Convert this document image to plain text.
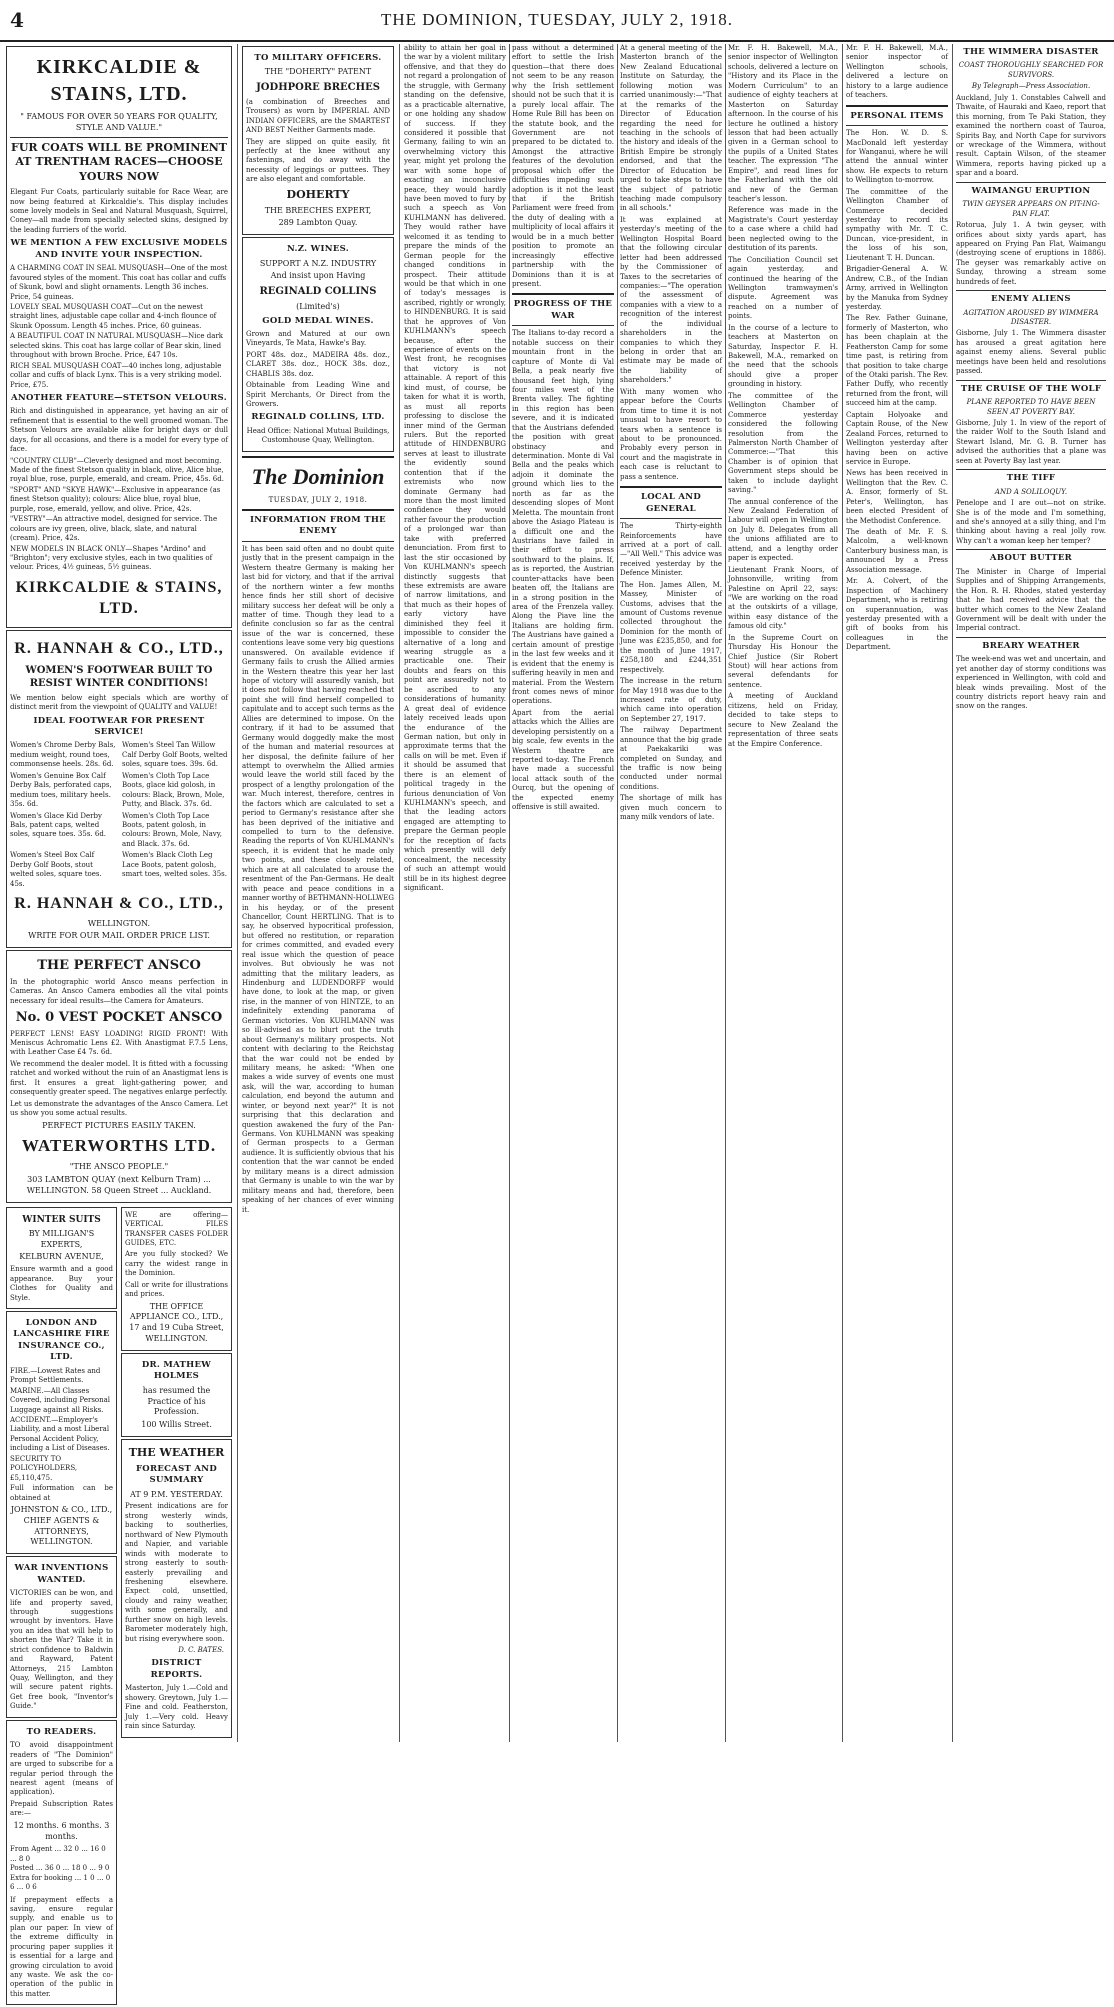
4	THE DOMINION, TUESDAY, JULY 2, 1918.
KIRKCALDIE & STAINS, LTD.
" FAMOUS FOR OVER 50 YEARS FOR QUALITY, STYLE AND VALUE."
FUR COATS WILL BE PROMINENT AT TRENTHAM RACES—CHOOSE YOURS NOW
Elegant Fur Coats, particularly suitable for Race Wear, are now being featured at Kirkcaldie's. This display includes some lovely models in Seal and Natural Musquash, Squirrel, Coney—all made from specially selected skins, designed by the leading furriers of the world.
WE MENTION A FEW EXCLUSIVE MODELS AND INVITE YOUR INSPECTION.
A CHARMING COAT IN SEAL MUSQUASH—One of the most favoured styles of the moment. This coat has collar and cuffs of Skunk, bowl and slight ornaments. Length 36 inches. Price, 54 guineas.
LOVELY SEAL MUSQUASH COAT—Cut on the newest straight lines, adjustable cape collar and 4-inch flounce of Skunk Opossum. Length 45 inches. Price, 60 guineas.
A BEAUTIFUL COAT IN NATURAL MUSQUASH—Nice dark selected skins. This coat has large collar of Bear skin, lined throughout with brown Broche. Price, £47 10s.
RICH SEAL MUSQUASH COAT—40 inches long, adjustable collar and cuffs of black Lynx. This is a very striking model. Price, £75.
ANOTHER FEATURE—STETSON VELOURS.
Rich and distinguished in appearance, yet having an air of refinement that is essential to the well groomed woman. The Stetson Velours are available alike for bright days or dull days, for all occasions, and there is a model for every type of face.
"COUNTRY CLUB"—Cleverly designed and most becoming. Made of the finest Stetson quality in black, olive, Alice blue, royal blue, rose, purple, emerald, and cream. Price, 45s. 6d.
"SPORT" AND "SKYE HAWK"—Exclusive in appearance (as finest Stetson quality); colours: Alice blue, royal blue, purple, rose, emerald, yellow, and olive. Price, 42s.
"VESTRY"—An attractive model, designed for service. The colours are ivy green, olive, black, slate, and natural (cream). Price, 42s.
NEW MODELS IN BLACK ONLY—Shapes "Ardino" and "Brighton"; very exclusive styles, each in two qualities of velour. Prices, 4½ guineas, 5½ guineas.
KIRKCALDIE & STAINS, LTD.
R. HANNAH & CO., LTD.,
WOMEN'S FOOTWEAR BUILT TO RESIST WINTER CONDITIONS!
We mention below eight specials which are worthy of distinct merit from the viewpoint of QUALITY and VALUE!
IDEAL FOOTWEAR FOR PRESENT SERVICE!
Women's Chrome Derby Bals, medium weight, round toes, commonsense heels. 28s. 6d.
Women's Steel Tan Willow Calf Derby Golf Boots, welted soles, square toes. 39s. 6d.
Women's Genuine Box Calf Derby Bals, perforated caps, medium toes, military heels. 35s. 6d.
Women's Cloth Top Lace Boots, glace kid golosh, in colours: Black, Brown, Mole, Putty, and Black. 37s. 6d.
Women's Glace Kid Derby Bals, patent caps, welted soles, square toes. 35s. 6d.
Women's Cloth Top Lace Boots, patent golosh, in colours: Brown, Mole, Navy, and Black. 37s. 6d.
Women's Steel Box Calf Derby Golf Boots, stout welted soles, square toes. 45s.
Women's Black Cloth Leg Lace Boots, patent golosh, smart toes, welted soles. 35s.
R. HANNAH & CO., LTD.,
WELLINGTON.
WRITE FOR OUR MAIL ORDER PRICE LIST.
THE PERFECT ANSCO
In the photographic world Ansco means perfection in Cameras. An Ansco Camera embodies all the vital points necessary for ideal results—the Camera for Amateurs.
No. 0 VEST POCKET ANSCO
PERFECT LENS! EASY LOADING! RIGID FRONT! With Meniscus Achromatic Lens £2. With Anastigmat F.7.5 Lens, with Leather Case £4 7s. 6d.
We recommend the dealer model. It is fitted with a focussing ratchet and worked without the ruin of an Anastigmat lens is first. It ensures a great light-gathering power, and consequently greater speed. The negatives enlarge perfectly.
Let us demonstrate the advantages of the Ansco Camera. Let us show you some actual results.
PERFECT PICTURES EASILY TAKEN.
WATERWORTHS LTD.
"THE ANSCO PEOPLE."
303 LAMBTON QUAY (next Kelburn Tram) ... WELLINGTON. 58 Queen Street ... Auckland.
WINTER SUITS
BY MILLIGAN'S EXPERTS,
KELBURN AVENUE,
Ensure warmth and a good appearance. Buy your Clothes for Quality and Style.
LONDON AND LANCASHIRE FIRE INSURANCE CO., LTD.
FIRE.—Lowest Rates and Prompt Settlements.
MARINE.—All Classes Covered, including Personal Luggage against all Risks.
ACCIDENT.—Employer's Liability, and a most Liberal Personal Accident Policy, including a List of Diseases.
SECURITY TO POLICYHOLDERS, £5,110,475.
Full information can be obtained at
JOHNSTON & CO., LTD., CHIEF AGENTS & ATTORNEYS, WELLINGTON.
WAR INVENTIONS WANTED.
VICTORIES can be won, and life and property saved, through suggestions wrought by inventors. Have you an idea that will help to shorten the War? Take it in strict confidence to Baldwin and Rayward, Patent Attorneys, 215 Lambton Quay, Wellington, and they will secure patent rights. Get free book, "Inventor's Guide."
TO READERS.
TO avoid disappointment readers of "The Dominion" are urged to subscribe for a regular period through the nearest agent (means of application).
Prepaid Subscription Rates are:—
12 months. 6 months. 3 months.
From Agent ... 32 0 ... 16 0 ... 8 0
Posted ... 36 0 ... 18 0 ... 9 0
Extra for booking ... 1 0 ... 0 6 ... 0 6
If prepayment effects a saving, ensure regular supply, and enable us to plan our paper. In view of the extreme difficulty in procuring paper supplies it is essential for a large and growing circulation to avoid any waste. We ask the co-operation of the public in this matter.
WE are offering— VERTICAL FILES TRANSFER CASES FOLDER GUIDES, ETC.
Are you fully stocked? We carry the widest range in the Dominion.
Call or write for illustrations and prices.
THE OFFICE APPLIANCE CO., LTD., 17 and 19 Cuba Street, WELLINGTON.
DR. MATHEW HOLMES
has resumed the Practice of his Profession.
100 Willis Street.
THE WEATHER
FORECAST AND SUMMARY
AT 9 P.M. YESTERDAY.
Present indications are for strong westerly winds, backing to southerlies, northward of New Plymouth and Napier, and variable winds with moderate to strong easterly to south-easterly prevailing and freshening elsewhere. Expect cold, unsettled, cloudy and rainy weather, with some generally, and further snow on high levels. Barometer moderately high, but rising everywhere soon.
D. C. BATES.
DISTRICT REPORTS.
Masterton, July 1.—Cold and showery. Greytown, July 1.—Fine and cold. Featherston, July 1.—Very cold. Heavy rain since Saturday.
TO MILITARY OFFICERS.
THE "DOHERTY" PATENT
JODHPORE BRECHES
(a combination of Breeches and Trousers) as worn by IMPERIAL AND INDIAN OFFICERS, are the SMARTEST AND BEST Neither Garments made.
They are slipped on quite easily, fit perfectly at the knee without any fastenings, and do away with the necessity of leggings or puttees. They are also elegant and comfortable.
DOHERTY
THE BREECHES EXPERT,
289 Lambton Quay.
N.Z. WINES.
SUPPORT A N.Z. INDUSTRY
And insist upon Having
REGINALD COLLINS
(Limited's)
GOLD MEDAL WINES.
Grown and Matured at our own Vineyards, Te Mata, Hawke's Bay.
PORT 48s. doz., MADEIRA 48s. doz., CLARET 38s. doz., HOCK 38s. doz., CHABLIS 38s. doz.
Obtainable from Leading Wine and Spirit Merchants, Or Direct from the Growers.
REGINALD COLLINS, LTD.
Head Office: National Mutual Buildings, Customhouse Quay, Wellington.
The Dominion
TUESDAY, JULY 2, 1918.
INFORMATION FROM THE ENEMY
It has been said often and no doubt quite justly that in the present campaign in the Western theatre Germany is making her last bid for victory, and that if the arrival of the northern winter a few months hence finds her still short of decisive military success her defeat will be only a matter of time. Though they lead to a definite conclusion so far as the central issue of the war is concerned, these contentions leave some very big questions unanswered. On available evidence if Germany fails to crush the Allied armies in the Western theatre this year her last hope of victory will assuredly vanish, but it does not follow that having reached that point she will find herself compelled to capitulate and to accept such terms as the Allies are determined to impose. On the contrary, if it had to be assumed that Germany would doggedly make the most of the human and material resources at her disposal, the definite failure of her attempt to overwhelm the Allied armies would leave the world still faced by the prospect of a lengthy prolongation of the war. Much interest, therefore, centres in the factors which are calculated to set a period to Germany's resistance after she has been deprived of the initiative and compelled to turn to the defensive. Reading the reports of Von KUHLMANN's speech, it is evident that he made only two points, and these closely related, which are at all calculated to arouse the resentment of the Pan-Germans. He dealt with peace and peace conditions in a manner worthy of BETHMANN-HOLLWEG in his heyday, or of the present Chancellor, Count HERTLING. That is to say, he observed hypocritical profession, but offered no restitution, or reparation for crimes committed, and evaded every real issue which the question of peace involves. But obviously he was not admitting that the military leaders, as Hindenburg and LUDENDORFF would have done, to look at the map, or given rise, in the manner of von HINTZE, to an indefinitely extending panorama of German victories. Von KUHLMANN was so ill-advised as to blurt out the truth about Germany's military prospects. Not content with declaring to the Reichstag that the war could not be ended by military means, he asked: "When one makes a wide survey of events one must ask, will the war, according to human calculation, end beyond the autumn and winter, or beyond next year?" It is not surprising that this declaration and question awakened the fury of the Pan-Germans. Von KUHLMANN was speaking of German prospects to a German audience. It is sufficiently obvious that his contention that the war cannot be ended by military means is a direct admission that Germany is unable to win the war by military means and had, therefore, been speaking of her chances of ever winning it.
ability to attain her goal in the war by a violent military offensive, and that they do not regard a prolongation of the struggle, with Germany standing on the defensive, as a practicable alternative, or one holding any shadow of success. If they considered it possible that Germany, failing to win an overwhelming victory this year, might yet prolong the war with some hope of exacting an inconclusive peace, they would hardly have been moved to fury by such a speech as Von KUHLMANN has delivered. They would rather have welcomed it as tending to prepare the minds of the German people for the changed conditions in prospect. Their attitude would be that which in one of today's messages is ascribed, rightly or wrongly, to HINDENBURG. It is said that he approves of Von KUHLMANN's speech because, after the experience of events on the West front, he recognises that victory is not attainable. A report of this kind must, of course, be taken for what it is worth, as must all reports professing to disclose the inner mind of the German rulers. But the reported attitude of HINDENBURG serves at least to illustrate the evidently sound contention that if the extremists who now dominate Germany had more than the most limited confidence they would rather favour the production of a prolonged war than take with preferred denunciation. From first to last the stir occasioned by Von KUHLMANN's speech distinctly suggests that these extremists are aware of narrow limitations, and that much as their hopes of early victory have diminished they feel it impossible to consider the alternative of a long and wearing struggle as a practicable one. Their doubts and fears on this point are assuredly not to be ascribed to any considerations of humanity. A great deal of evidence lately received leads upon the endurance of the German nation, but only in approximate terms that the calls on will be met. Even if it should be assumed that there is an element of political tragedy in the furious denunciation of Von KUHLMANN's speech, and that the leading actors engaged are attempting to prepare the German people for the reception of facts which presently will defy concealment, the necessity of such an attempt would still be in its highest degree significant.
pass without a determined effort to settle the Irish question—that there does not seem to be any reason why the Irish settlement should not be such that it is a purely local affair. The Home Rule Bill has been on the statute book, and the Government are not prepared to be dictated to. Amongst the attractive features of the devolution proposal which offer the difficulties impeding such adoption is it not the least that if the British Parliament were freed from the duty of dealing with a multiplicity of local affairs it would be in a much better position to promote an increasingly effective partnership with the Dominions than it is at present.
PROGRESS OF THE WAR
The Italians to-day record a notable success on their mountain front in the capture of Monte di Val Bella, a peak nearly five thousand feet high, lying four miles west of the Brenta valley. The fighting in this region has been severe, and it is indicated that the Austrians defended the position with great obstinacy and determination. Monte di Val Bella and the peaks which adjoin it dominate the ground which lies to the north as far as the descending slopes of Mont Meletta. The mountain front above the Asiago Plateau is a difficult one and the Austrians have failed in their effort to press southward to the plains. If, as is reported, the Austrian counter-attacks have been beaten off, the Italians are in a strong position in the area of the Frenzela valley. Along the Piave line the Italians are holding firm. The Austrians have gained a certain amount of prestige in the last few weeks and it is evident that the enemy is suffering heavily in men and material. From the Western front comes news of minor operations.
Apart from the aerial attacks which the Allies are developing persistently on a big scale, few events in the Western theatre are reported to-day. The French have made a successful local attack south of the Ourcq, but the opening of the expected enemy offensive is still awaited.
At a general meeting of the Masterton branch of the New Zealand Educational Institute on Saturday, the following motion was carried unanimously:—"That at the remarks of the Director of Education regarding the need for teaching in the schools of the history and ideals of the British Empire be strongly endorsed, and that the Director of Education be urged to take steps to have the subject of patriotic teaching made compulsory in all schools."
It was explained at yesterday's meeting of the Wellington Hospital Board that the following circular letter had been addressed by the Commissioner of Taxes to the secretaries of companies:—"The operation of the assessment of companies with a view to a recognition of the interest of the individual shareholders in the companies to which they belong in order that an estimate may be made of the liability of shareholders."
With many women who appear before the Courts from time to time it is not unusual to have resort to tears when a sentence is about to be pronounced. Probably every person in court and the magistrate in each case is reluctant to pass a sentence.
LOCAL AND GENERAL
The Thirty-eighth Reinforcements have arrived at a port of call.—"All Well." This advice was received yesterday by the Defence Minister.
The Hon. James Allen, M. Massey, Minister of Customs, advises that the amount of Customs revenue collected throughout the Dominion for the month of June was £235,850, and for the month of June 1917, £258,180 and £244,351 respectively.
The increase in the return for May 1918 was due to the increased rate of duty, which came into operation on September 27, 1917.
The railway Department announce that the big grade at Paekakariki was completed on Sunday, and the traffic is now being conducted under normal conditions.
The shortage of milk has given much concern to many milk vendors of late.
Mr. F. H. Bakewell, M.A., senior inspector of Wellington schools, delivered a lecture on "History and its Place in the Modern Curriculum" to an audience of eighty teachers at Masterton on Saturday afternoon. In the course of his lecture he outlined a history lesson that had been actually given in a German school to the pupils of a United States teacher. The expression "The Empire", and read lines for the Fatherland with the old and new of the German teacher's lesson.
Reference was made in the Magistrate's Court yesterday to a case where a child had been neglected owing to the destitution of its parents.
The Conciliation Council set again yesterday, and continued the hearing of the Wellington tramwaymen's dispute. Agreement was reached on a number of points.
In the course of a lecture to teachers at Masterton on Saturday, Inspector F. H. Bakewell, M.A., remarked on the need that the schools should give a proper grounding in history.
The committee of the Wellington Chamber of Commerce yesterday considered the following resolution from the Palmerston North Chamber of Commerce:—"That this Chamber is of opinion that Government steps should be taken to include daylight saving."
The annual conference of the New Zealand Federation of Labour will open in Wellington on July 8. Delegates from all the unions affiliated are to attend, and a lengthy order paper is expected.
Lieutenant Frank Noors, of Johnsonville, writing from Palestine on April 22, says: "We are working on the road at the outskirts of a village, within easy distance of the famous old city."
In the Supreme Court on Thursday His Honour the Chief Justice (Sir Robert Stout) will hear actions from several defendants for sentence.
A meeting of Auckland citizens, held on Friday, decided to take steps to secure to New Zealand the representation of three seats at the Empire Conference.
Mr. F. H. Bakewell, M.A., senior inspector of Wellington schools, delivered a lecture on history to a large audience of teachers.
PERSONAL ITEMS
The Hon. W. D. S. MacDonald left yesterday for Wanganui, where he will attend the annual winter show. He expects to return to Wellington to-morrow.
The committee of the Wellington Chamber of Commerce decided yesterday to record its sympathy with Mr. T. C. Duncan, vice-president, in the loss of his son, Lieutenant T. H. Duncan.
Brigadier-General A. W. Andrew, C.B., of the Indian Army, arrived in Wellington by the Manuka from Sydney yesterday.
The Rev. Father Guinane, formerly of Masterton, who has been chaplain at the Featherston Camp for some time past, is retiring from that position to take charge of the Otaki parish. The Rev. Father Duffy, who recently returned from the front, will succeed him at the camp.
Captain Holyoake and Captain Rouse, of the New Zealand Forces, returned to Wellington yesterday after having been on active service in Europe.
News has been received in Wellington that the Rev. C. A. Ensor, formerly of St. Peter's, Wellington, has been elected President of the Methodist Conference.
The death of Mr. F. S. Malcolm, a well-known Canterbury business man, is announced by a Press Association message.
Mr. A. Colvert, of the Inspection of Machinery Department, who is retiring on superannuation, was yesterday presented with a gift of books from his colleagues in the Department.
THE WIMMERA DISASTER
COAST THOROUGHLY SEARCHED FOR SURVIVORS.
By Telegraph—Press Association.
Auckland, July 1. Constables Calwell and Thwaite, of Hauraki and Kaeo, report that this morning, from Te Paki Station, they examined the northern coast of Tauroa, Spirits Bay, and North Cape for survivors or wreckage of the Wimmera, without result. Captain Wilson, of the steamer Wimmera, reports having picked up a spar and a board.
WAIMANGU ERUPTION
TWIN GEYSER APPEARS ON PIT-ING-PAN FLAT.
Rotorua, July 1. A twin geyser, with orifices about sixty yards apart, has appeared on Frying Pan Flat, Waimangu (destroying scene of eruptions in 1886). The geyser was remarkably active on Sunday, throwing a stream some hundreds of feet.
ENEMY ALIENS
AGITATION AROUSED BY WIMMERA DISASTER.
Gisborne, July 1. The Wimmera disaster has aroused a great agitation here against enemy aliens. Several public meetings have been held and resolutions passed.
THE CRUISE OF THE WOLF
PLANE REPORTED TO HAVE BEEN SEEN AT POVERTY BAY.
Gisborne, July 1. In view of the report of the raider Wolf to the South Island and Stewart Island, Mr. G. B. Turner has advised the authorities that a plane was seen at Poverty Bay last year.
THE TIFF
AND A SOLILOQUY.
Penelope and I are out—not on strike. She is of the mode and I'm something, and she's annoyed at a silly thing, and I'm thinking about having a real jolly row. Why can't a woman keep her temper?
ABOUT BUTTER
The Minister in Charge of Imperial Supplies and of Shipping Arrangements, the Hon. R. H. Rhodes, stated yesterday that he had received advice that the butter which comes to the New Zealand Government will be dealt with under the Imperial contract.
BREARY WEATHER
The week-end was wet and uncertain, and yet another day of stormy conditions was experienced in Wellington, with cold and bleak winds prevailing. Most of the country districts report heavy rain and snow on the ranges.
